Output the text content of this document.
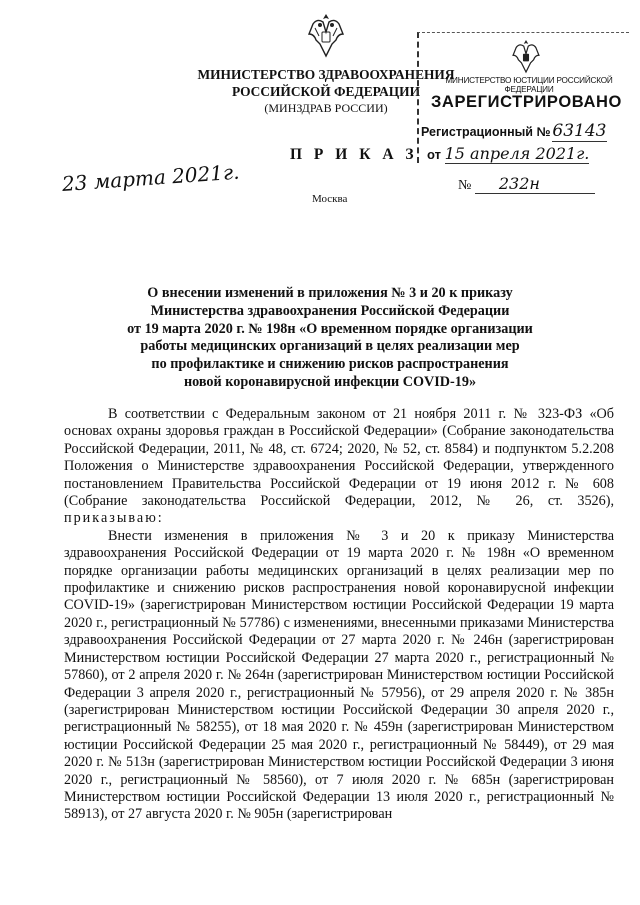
МИНИСТЕРСТВО ЗДРАВООХРАНЕНИЯ
РОССИЙСКОЙ ФЕДЕРАЦИИ
(МИНЗДРАВ РОССИИ)
МИНИСТЕРСТВО ЮСТИЦИИ РОССИЙСКОЙ ФЕДЕРАЦИИ
ЗАРЕГИСТРИРОВАНО
Регистрационный № 63143
от 15 апреля 2021г.
П Р И К А З
23 марта 2021г.	№ 232н
Москва
О внесении изменений в приложения № 3 и 20 к приказу
Министерства здравоохранения Российской Федерации
от 19 марта 2020 г. № 198н «О временном порядке организации
работы медицинских организаций в целях реализации мер
по профилактике и снижению рисков распространения
новой коронавирусной инфекции COVID-19»

В соответствии с Федеральным законом от 21 ноября 2011 г. № 323-ФЗ «Об основах охраны здоровья граждан в Российской Федерации» (Собрание законодательства Российской Федерации, 2011, № 48, ст. 6724; 2020, № 52, ст. 8584) и подпунктом 5.2.208 Положения о Министерстве здравоохранения Российской Федерации, утвержденного постановлением Правительства Российской Федерации от 19 июня 2012 г. № 608 (Собрание законодательства Российской Федерации, 2012, № 26, ст. 3526), приказываю:

Внести изменения в приложения № 3 и 20 к приказу Министерства здравоохранения Российской Федерации от 19 марта 2020 г. № 198н «О временном порядке организации работы медицинских организаций в целях реализации мер по профилактике и снижению рисков распространения новой коронавирусной инфекции COVID-19» (зарегистрирован Министерством юстиции Российской Федерации 19 марта 2020 г., регистрационный № 57786) с изменениями, внесенными приказами Министерства здравоохранения Российской Федерации от 27 марта 2020 г. № 246н (зарегистрирован Министерством юстиции Российской Федерации 27 марта 2020 г., регистрационный № 57860), от 2 апреля 2020 г. № 264н (зарегистрирован Министерством юстиции Российской Федерации 3 апреля 2020 г., регистрационный № 57956), от 29 апреля 2020 г. № 385н (зарегистрирован Министерством юстиции Российской Федерации 30 апреля 2020 г., регистрационный № 58255), от 18 мая 2020 г. № 459н (зарегистрирован Министерством юстиции Российской Федерации 25 мая 2020 г., регистрационный № 58449), от 29 мая 2020 г. № 513н (зарегистрирован Министерством юстиции Российской Федерации 3 июня 2020 г., регистрационный № 58560), от 7 июля 2020 г. № 685н (зарегистрирован Министерством юстиции Российской Федерации 13 июля 2020 г., регистрационный № 58913), от 27 августа 2020 г. № 905н (зарегистрирован
